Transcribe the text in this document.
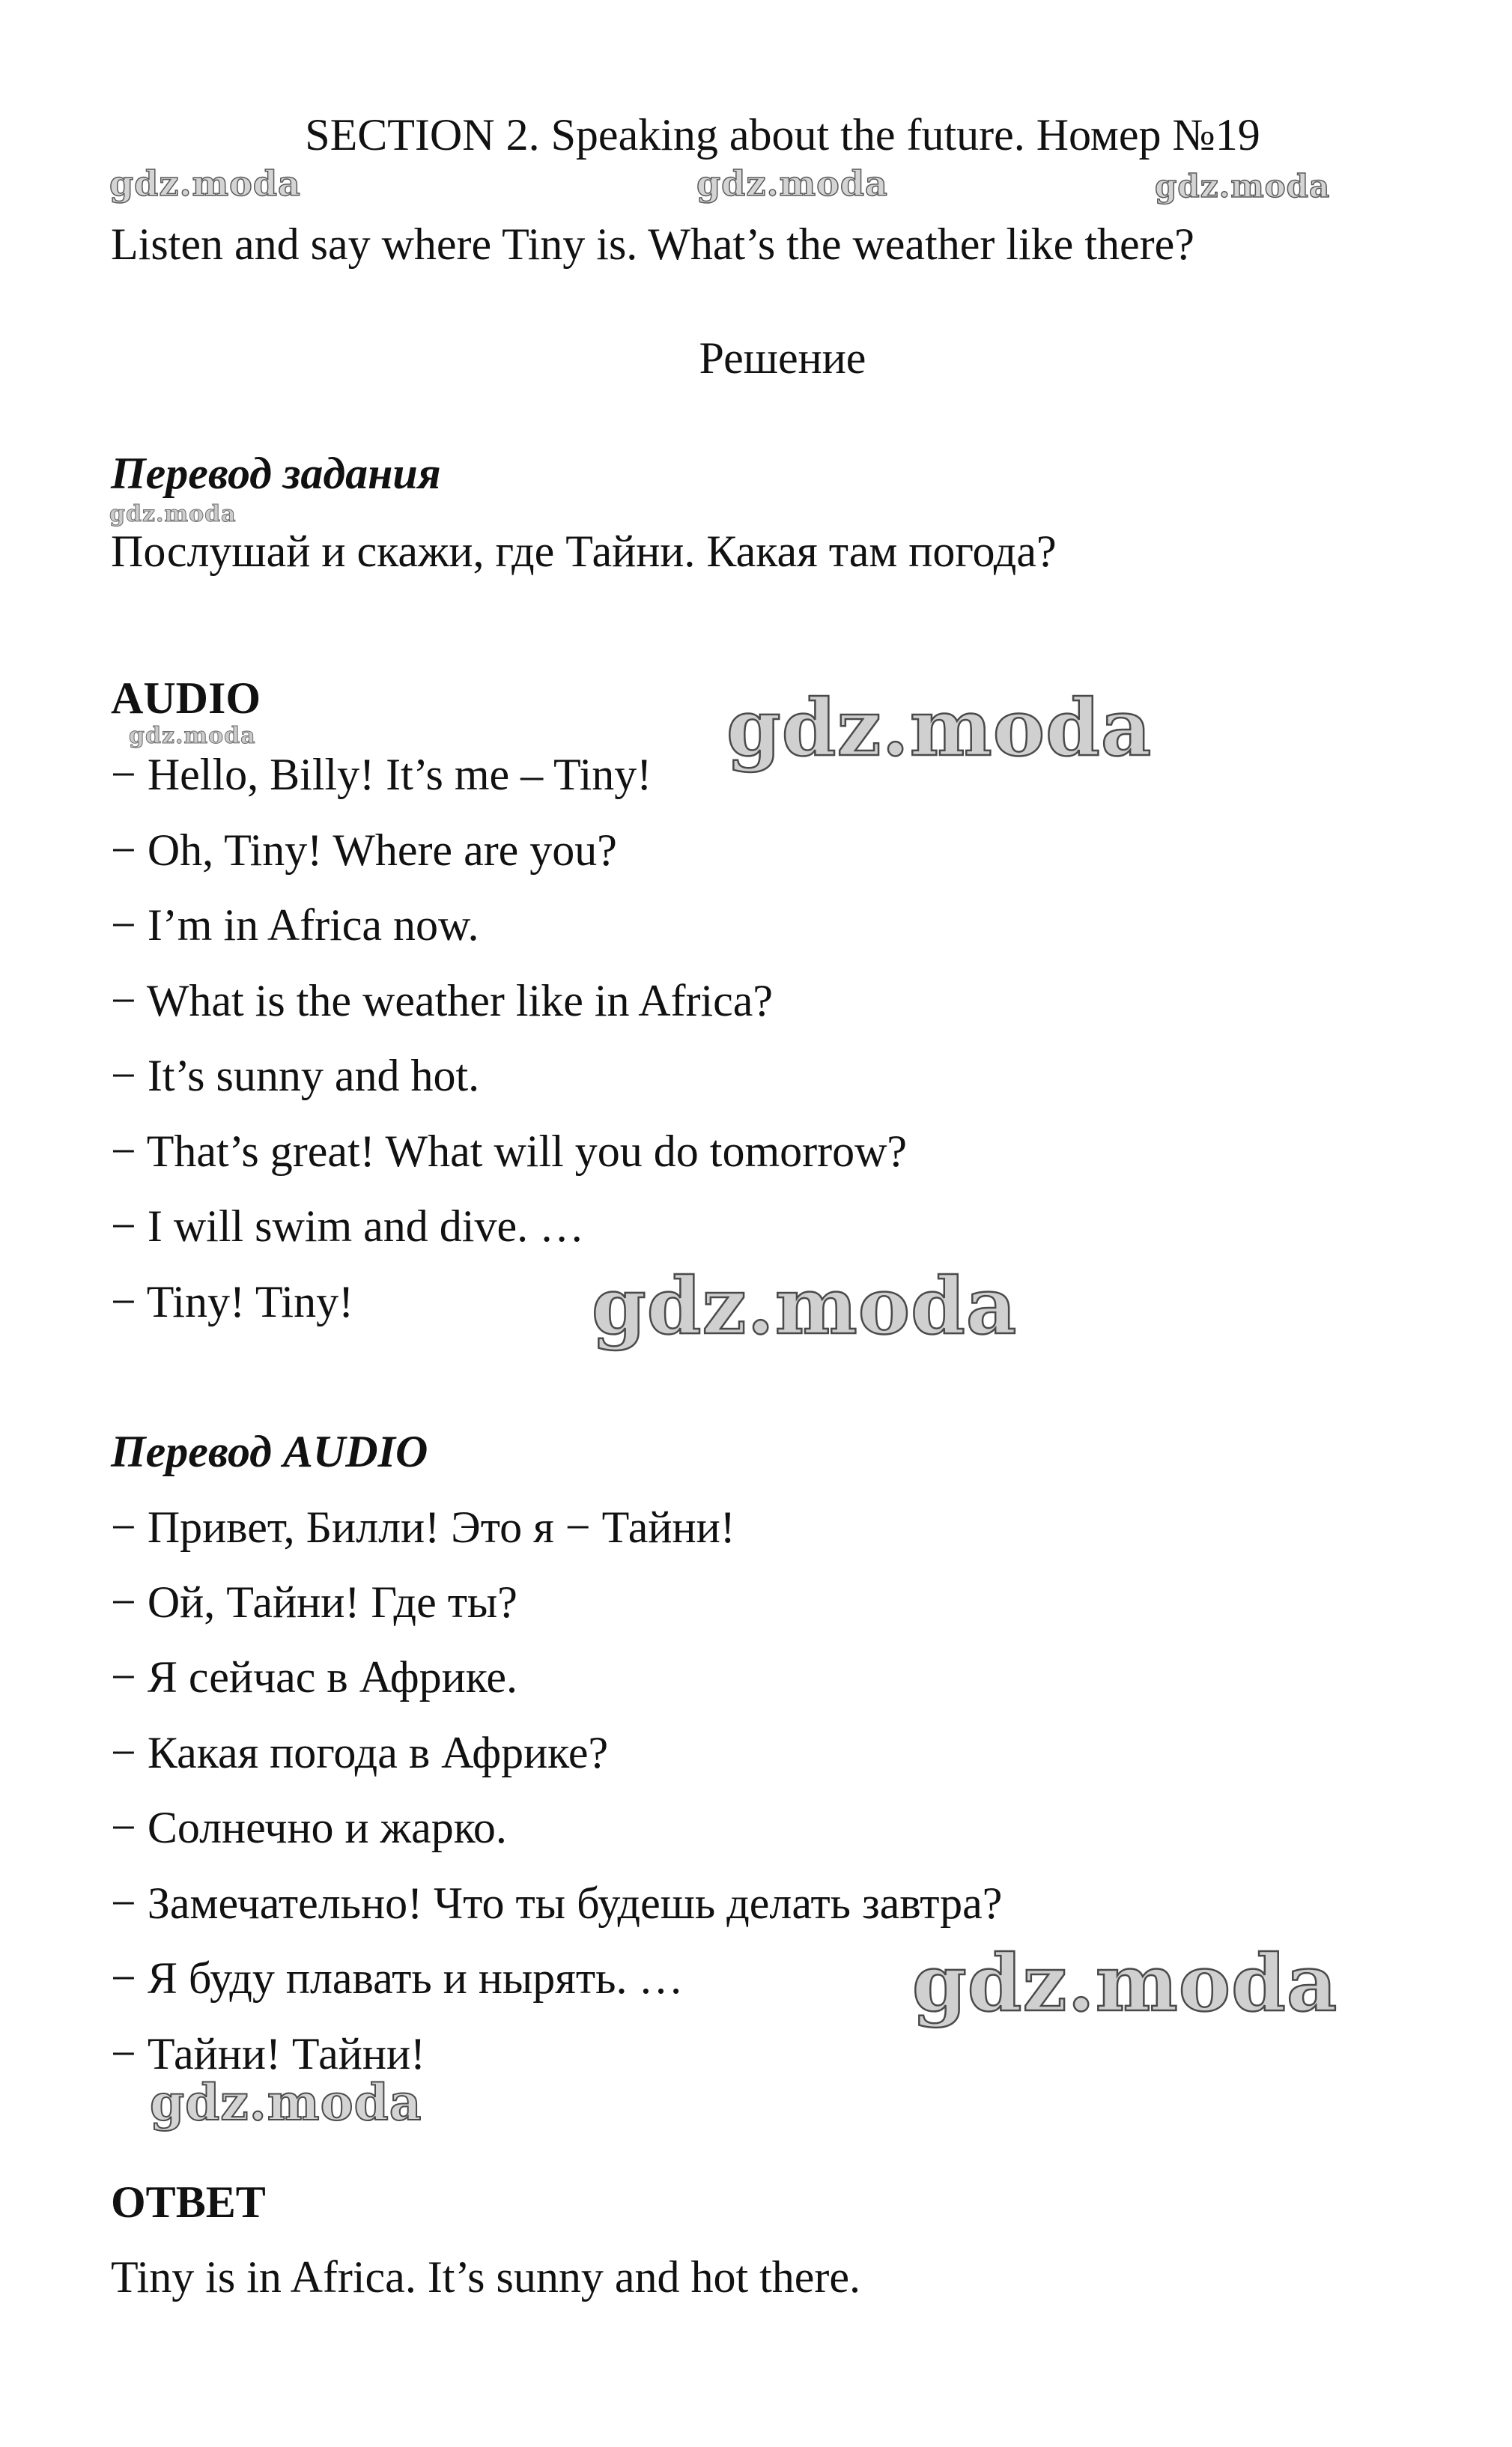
SECTION 2. Speaking about the future. Номер №19
gdz.moda	gdz.moda	gdz.moda
Listen and say where Tiny is. What’s the weather like there?
Решение
Перевод задания
gdz.moda
Послушай и скажи, где Тайни. Какая там погода?
AUDIO
gdz.moda	gdz.moda
− Hello, Billy! It’s me – Tiny!
− Oh, Tiny! Where are you?
− I’m in Africa now.
− What is the weather like in Africa?
− It’s sunny and hot.
− That’s great! What will you do tomorrow?
− I will swim and dive. …
− Tiny! Tiny!	gdz.moda
Перевод AUDIO
− Привет, Билли! Это я − Тайни!
− Ой, Тайни! Где ты?
− Я сейчас в Африке.
− Какая погода в Африке?
− Солнечно и жарко.
− Замечательно! Что ты будешь делать завтра?
− Я буду плавать и нырять. …	gdz.moda
− Тайни! Тайни!
gdz.moda
ОТВЕТ
Tiny is in Africa. It’s sunny and hot there.
